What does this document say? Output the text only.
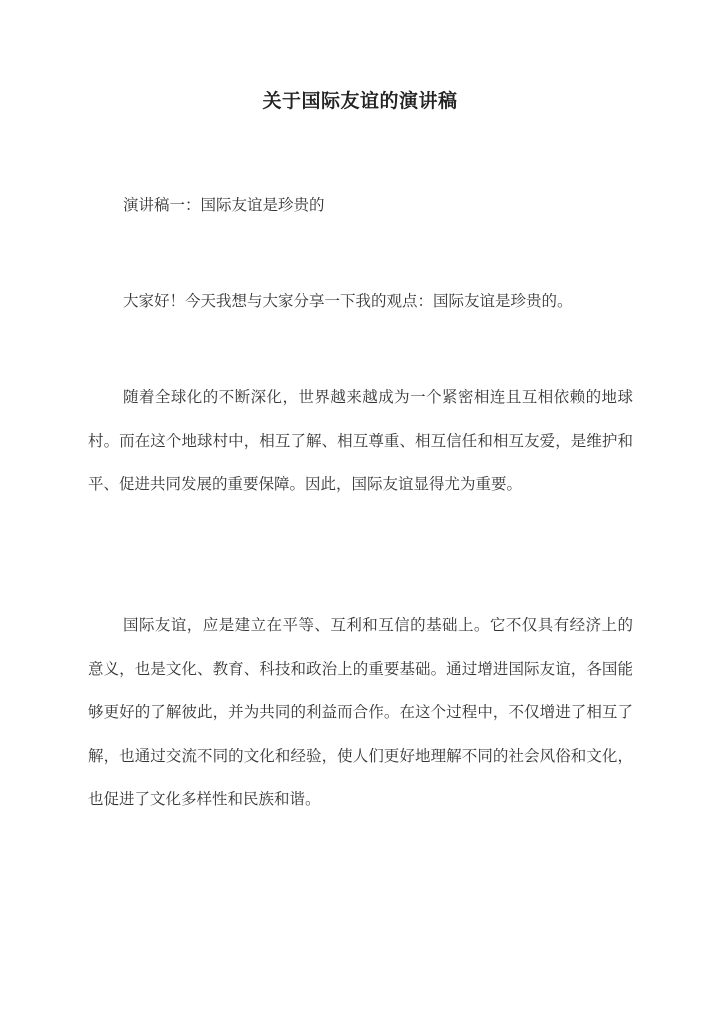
关于国际友谊的演讲稿

演讲稿一：国际友谊是珍贵的

大家好！今天我想与大家分享一下我的观点：国际友谊是珍贵的。

随着全球化的不断深化，世界越来越成为一个紧密相连且互相依赖的地球村。而在这个地球村中，相互了解、相互尊重、相互信任和相互友爱，是维护和平、促进共同发展的重要保障。因此，国际友谊显得尤为重要。

国际友谊，应是建立在平等、互利和互信的基础上。它不仅具有经济上的意义，也是文化、教育、科技和政治上的重要基础。通过增进国际友谊，各国能够更好的了解彼此，并为共同的利益而合作。在这个过程中，不仅增进了相互了解，也通过交流不同的文化和经验，使人们更好地理解不同的社会风俗和文化，也促进了文化多样性和民族和谐。
